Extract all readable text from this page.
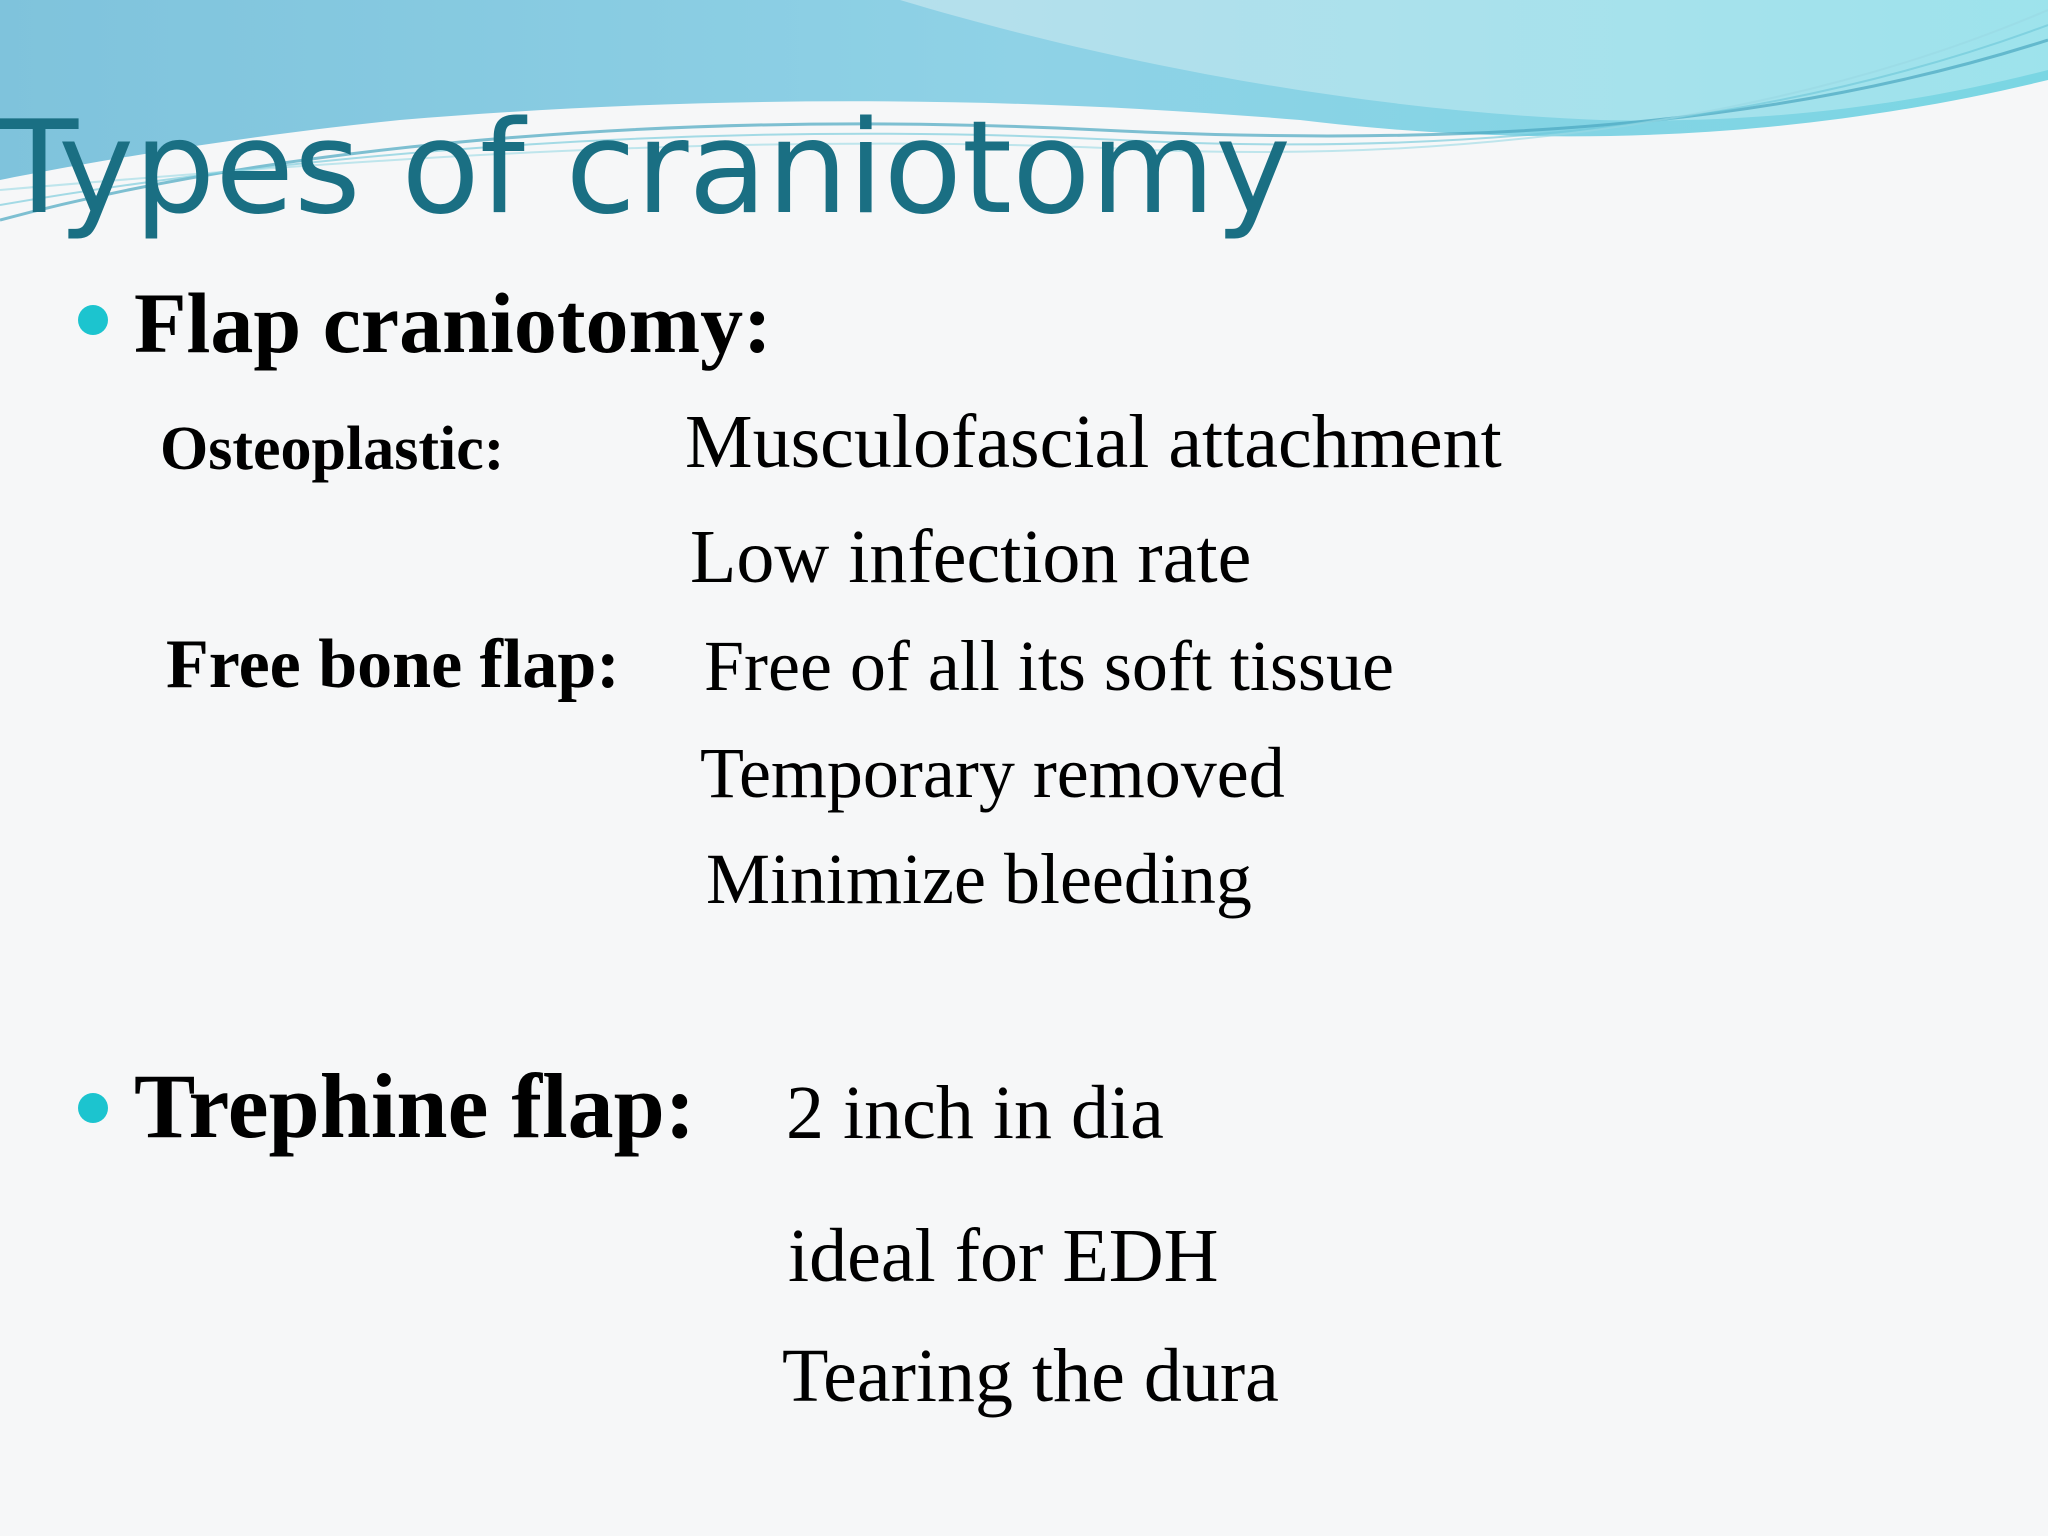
Types of craniotomy
Flap craniotomy:
Osteoplastic: Musculofascial attachment
Low infection rate
Free bone flap: Free of all its soft tissue
Temporary removed
Minimize bleeding
Trephine flap: 2 inch in dia
ideal for EDH
Tearing the dura
